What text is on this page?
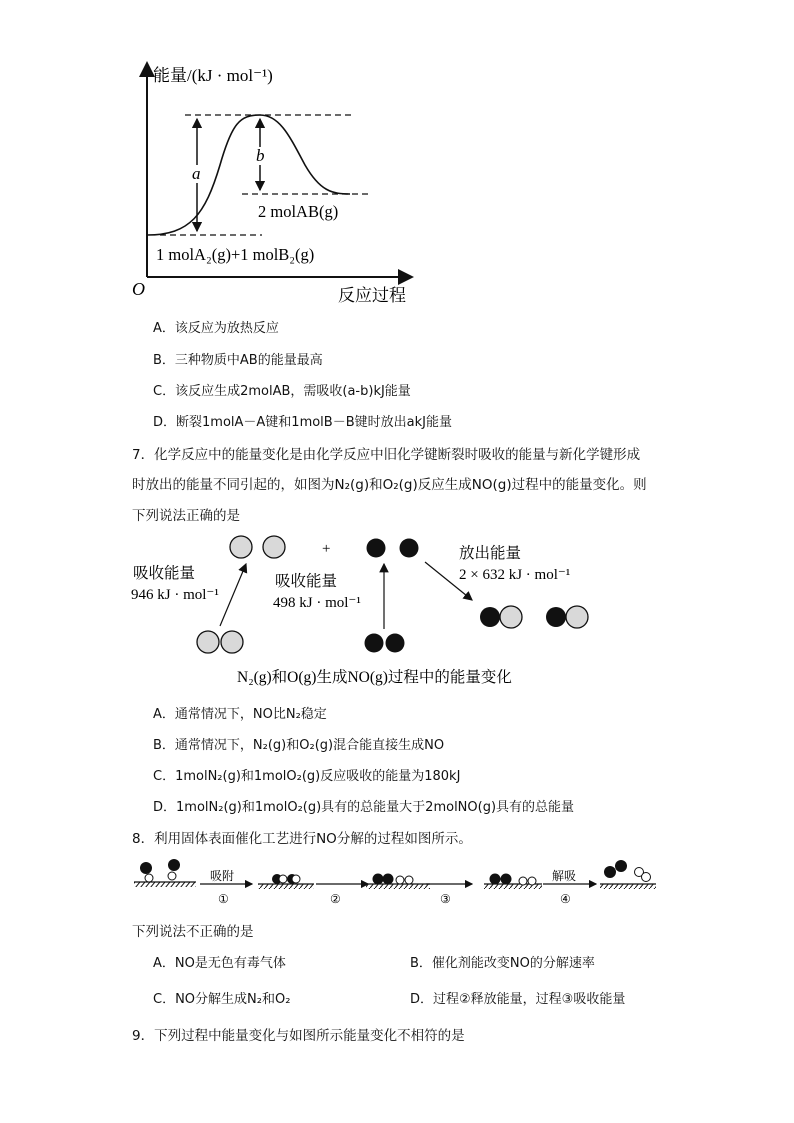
a
b
能量/(kJ · mol⁻¹)
O	反应过程
2 molAB(g)
1 molA₂(g)+1 molB₂(g)
A．该反应为放热反应
B．三种物质中AB的能量最高
C．该反应生成2molAB，需吸收(a-b)kJ能量
D．断裂1molA－A键和1molB－B键时放出akJ能量
7．化学反应中的能量变化是由化学反应中旧化学键断裂时吸收的能量与新化学键形成
时放出的能量不同引起的，如图为N₂(g)和O₂(g)反应生成NO(g)过程中的能量变化。则
下列说法正确的是
+
吸收能量
946 kJ · mol⁻¹
吸收能量
498 kJ · mol⁻¹
放出能量
2 × 632 kJ · mol⁻¹
N₂(g)和O(g)生成NO(g)过程中的能量变化
A．通常情况下，NO比N₂稳定
B．通常情况下，N₂(g)和O₂(g)混合能直接生成NO
C．1molN₂(g)和1molO₂(g)反应吸收的能量为180kJ
D．1molN₂(g)和1molO₂(g)具有的总能量大于2molNO(g)具有的总能量
8．利用固体表面催化工艺进行NO分解的过程如图所示。
吸附
①	②	③
解吸
④
下列说法不正确的是
A．NO是无色有毒气体	B．催化剂能改变NO的分解速率
C．NO分解生成N₂和O₂	D．过程②释放能量，过程③吸收能量
9．下列过程中能量变化与如图所示能量变化不相符的是
